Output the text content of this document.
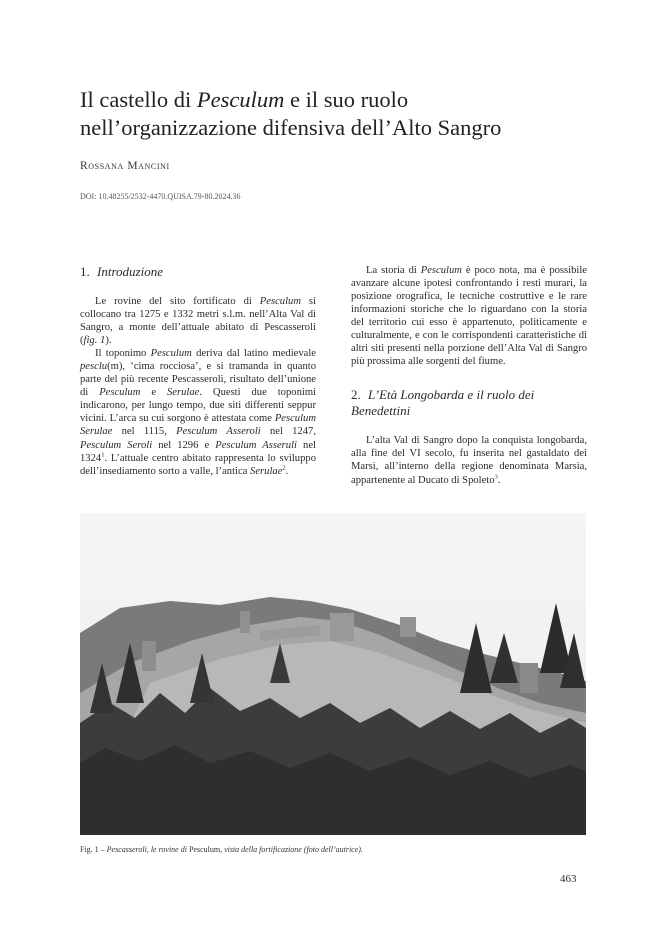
Il castello di Pesculum e il suo ruolo
nell’organizzazione difensiva dell’Alto Sangro
Rossana Mancini
DOI: 10.48255/2532-4470.QUISA.79-80.2024.36
1. Introduzione

Le rovine del sito fortificato di Pesculum si collocano tra 1275 e 1332 metri s.l.m. nell’Alta Val di Sangro, a monte dell’attuale abitato di Pescasseroli (fig. 1).

Il toponimo Pesculum deriva dal latino medievale pesclu(m), ‘cima rocciosa’, e si tramanda in quanto parte del più recente Pescasseroli, risultato dell’unione di Pesculum e Serulae. Questi due toponimi indicarono, per lungo tempo, due siti differenti seppur vicini. L’arca su cui sorgono è attestata come Pesculum Serulae nel 1115, Pesculum Asseroli nel 1247, Pesculum Seroli nel 1296 e Pesculum Asseruli nel 1324$^1$. L’attuale centro abitato rappresenta lo sviluppo dell’insediamento sorto a valle, l’antica Serulae$^2$.

La storia di Pesculum è poco nota, ma è possibile avanzare alcune ipotesi confrontando i resti murari, la posizione orografica, le tecniche costruttive e le rare informazioni storiche che lo riguardano con la storia del territorio cui esso è appartenuto, politicamente e culturalmente, e con le corrispondenti caratteristiche di altri siti presenti nella porzione dell’Alta Val di Sangro più prossima alle sorgenti del fiume.

2. L’Età Longobarda e il ruolo dei Benedettini

L’alta Val di Sangro dopo la conquista longobarda, alla fine del VI secolo, fu inserita nel gastaldato dei Marsi, all’interno della regione denominata Marsia, appartenente al Ducato di Spoleto$^3$.

Fig. 1 – Pescasseroli, le rovine di Pesculum, vista della fortificazione (foto dell’autrice).
463
